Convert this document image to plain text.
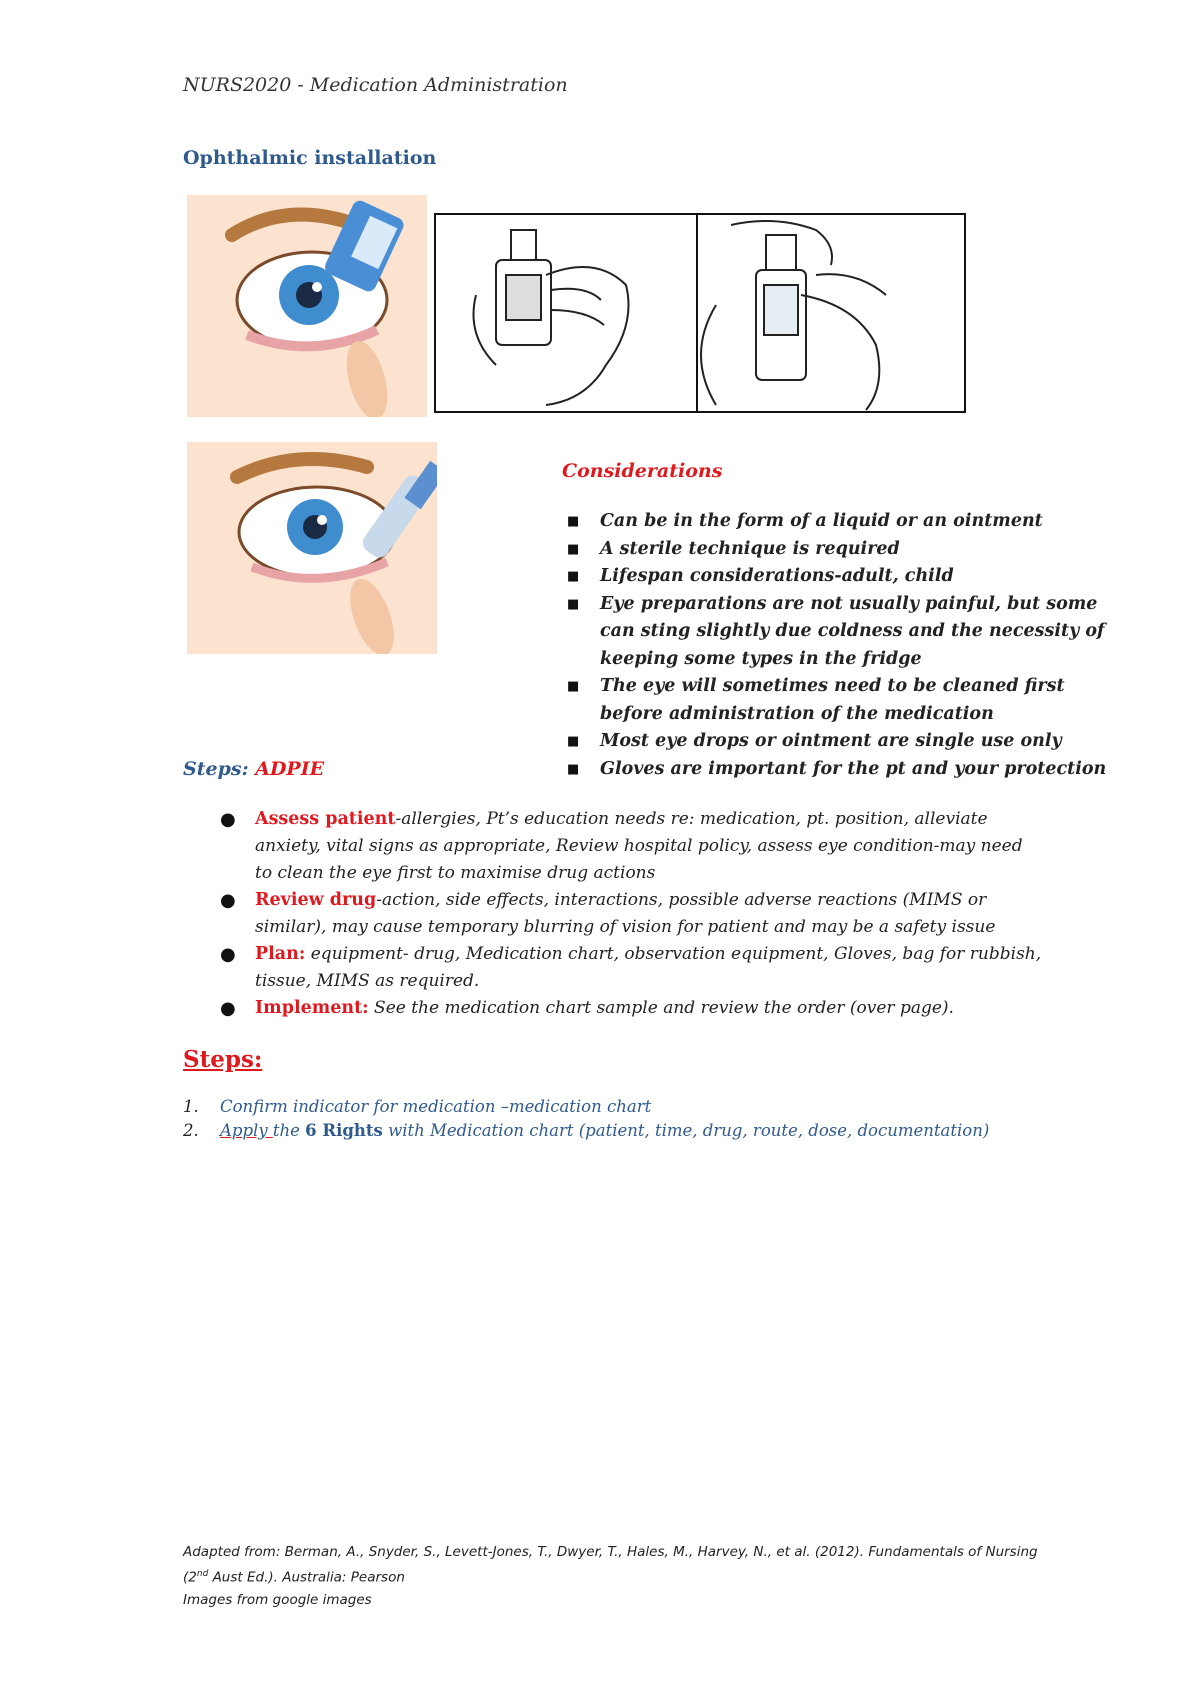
NURS2020 - Medication Administration
Ophthalmic installation
Considerations
■ Can be in the form of a liquid or an ointment
■ A sterile technique is required
■ Lifespan considerations-adult, child
■ Eye preparations are not usually painful, but some can sting slightly due coldness and the necessity of keeping some types in the fridge
■ The eye will sometimes need to be cleaned first before administration of the medication
■ Most eye drops or ointment are single use only
■ Gloves are important for the pt and your protection
Steps: ADPIE
● Assess patient-allergies, Pt’s education needs re: medication, pt. position, alleviate anxiety, vital signs as appropriate, Review hospital policy, assess eye condition-may need to clean the eye first to maximise drug actions
● Review drug-action, side effects, interactions, possible adverse reactions (MIMS or similar), may cause temporary blurring of vision for patient and may be a safety issue
● Plan: equipment- drug, Medication chart, observation equipment, Gloves, bag for rubbish, tissue, MIMS as required.
● Implement: See the medication chart sample and review the order (over page).
Steps:
1. Confirm indicator for medication –medication chart
2. Apply the 6 Rights with Medication chart (patient, time, drug, route, dose, documentation)
Adapted from: Berman, A., Snyder, S., Levett-Jones, T., Dwyer, T., Hales, M., Harvey, N., et al. (2012). Fundamentals of Nursing
(2nd Aust Ed.). Australia: Pearson
Images from google images
